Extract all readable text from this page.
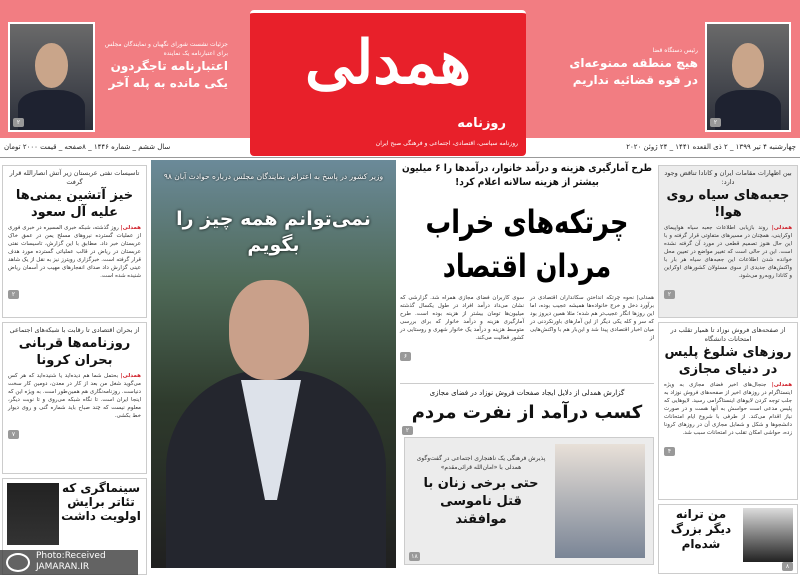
۲
جزئیات نشست شورای نگهبان و نمایندگان مجلس برای اعتبارنامه یک نماینده
اعتبارنامه تاجگردون یکی مانده به پله آخر	همدلی
روزنامه
روزنامه سیاسی، اقتصادی، اجتماعی و فرهنگی صبح ایران
۲
رئیس دستگاه قضا
هیچ منطقه ممنوعه‌ای در قوه قضائیه نداریم
چهارشنبه ۴ تیر ۱۳۹۹ _ ۲ ذی القعده ۱۴۴۱ _ ۲۴ ژوئن ۲۰۲۰
سال ششم _ شماره ۱۴۴۶ _ ۸صفحه _ قیمت ۲۰۰۰ تومان
تاسیسات نفتی عربستان زیر آتش انصارالله قرار گرفت
خیز آتشین یمنی‌ها علیه آل سعود
همدلی| روز گذشته، شبکه خبری المسیره در خبری فوری از عملیات گسترده نیروهای مسلح یمن در عمق خاک عربستان خبر داد. مطابق با این گزارش، تاسیسات نفتی عربستان در ریاض در قالب عملیاتی گسترده مورد هدف قرار گرفته است. خبرگزاری رویترز نیز به نقل از یک شاهد عینی گزارش داد صدای انفجارهای مهیب در آسمان ریاض شنیده شده است.
۲
از بحران اقتصادی تا رقابت با شبکه‌های اجتماعی
روزنامه‌ها قربانی بحران کرونا
همدلی| بحتمل شما هم دیده‌اید یا شنیده‌اید که هر کس می‌گوید شغل من بعد از کار در معدن، دومین کار سخت دنیاست. روزنامه‌نگاری هم همین‌طور است. به ویژه این که اینجا ایران است. تا نگاه شبکه می‌روی و تا نوبت دیگر، معلوم نیست که چند صباح باید شماره گنی و روی دیوار خط بکشی.
۷
سینماگری که تئاتر برایش اولویت داشت
Photo:Received
JAMARAN.IR
وزیر کشور در پاسخ به اعتراض نمایندگان مجلس درباره حوادث آبان ۹۸
نمی‌توانم همه چیز را بگویم
طرح آمارگیری هزینه و درآمد خانوار، درآمدها را ۶ میلیون بیشتر از هزینه سالانه اعلام کرد!
چرتکه‌های خراب مردان اقتصاد
همدلی| نحوه چرتکه انداختن سکانداران اقتصادی در برآورد دخل و خرج خانواده‌ها همیشه عجیب بوده، اما این روزها انگار عجیب‌تر هم شده؛ مثلا همین دیروز بود که سر و کله یکی دیگر از این آمارهای باورنکردنی در میان اخبار اقتصادی پیدا شد و این‌بار هم با واکنش‌هایی از
سوی کاربران فضای مجازی همراه شد. گزارشی که نشان می‌داد درآمد افراد در طول یکسال گذشته میلیون‌ها تومان بیشتر از هزینه بوده است. طرح آمارگیری هزینه و درآمد خانوار که برای بررسی متوسط هزینه و درآمد یک خانوار شهری و روستایی در کشور فعالیت می‌کند.
۶
گزارش همدلی از دلایل ایجاد صفحات فروش نوزاد در فضای مجازی
کسب درآمد از نفرت مردم
۲
پذیرش فرهنگی یک ناهنجاری اجتماعی در گفت‌وگوی همدلی با «امان‌الله قرائی‌مقدم»
حتی برخی زنان با قتل ناموسی موافقند
۱۸
بین اظهارات مقامات ایران و کانادا تناقض وجود دارد:
جعبه‌های سیاه روی هوا!
همدلی| روند بازیابی اطلاعات جعبه سیاه هواپیمای اوکراینی، همچنان در مسیرهای متفاوتی قرار گرفته و با این حال هنوز تصمیم قطعی در مورد آن گرفته نشده است. این در حالی است که تغییر مواضع در تعیین محل خوانده شدن اطلاعات این جعبه‌های سیاه هر بار با واکنش‌های جدیدی از سوی مسئولان کشورهای اوکراین و کانادا روبه‌رو می‌شود.
۲
از صفحه‌های فروش نوزاد تا همیار تقلب در امتحانات دانشگاه
روزهای شلوغ پلیس در دنیای مجازی
همدلی| جنجال‌های اخیر فضای مجازی به ویژه اینستاگرام در روزهای اخیر از صفحه‌های فروش نوزاد به جلب توجه کردن لایوهای اینستاگرامی رسید. لایوهایی که پلیس مدعی است حواسش به آنها هست و در صورت نیاز اقدام می‌کند. از طرفی با شروع ایام امتحانات دانشجوها و شکل و شمایل مجازی آن در روزهای کرونا زده، حواشی امکان تقلب در امتحانات سبب شد.
۴
من ترانه دیگر بزرگ شده‌ام
۸
